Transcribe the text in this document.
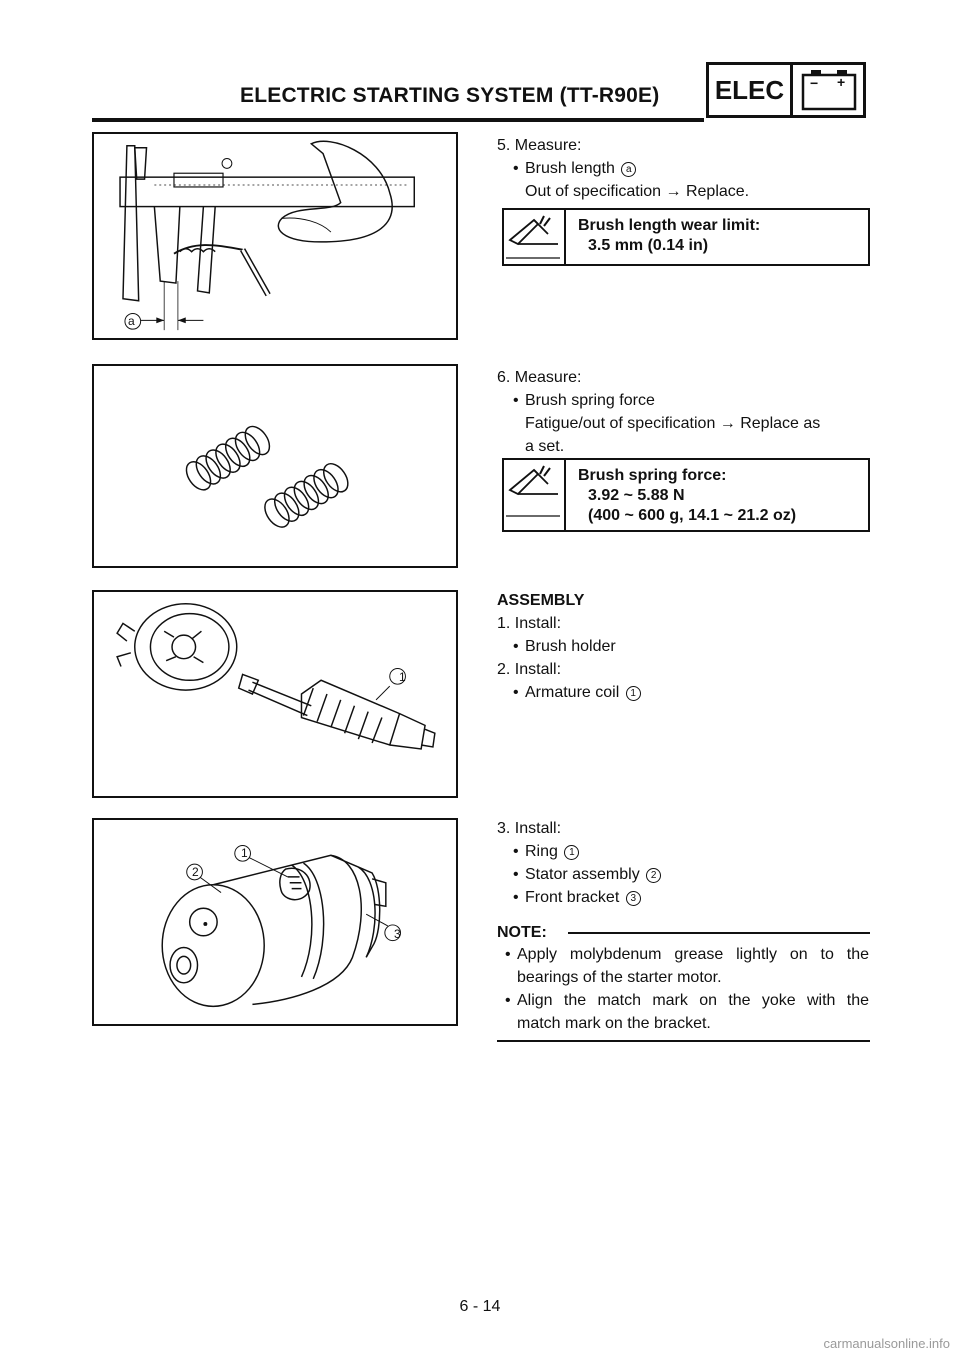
ELECTRIC STARTING SYSTEM (TT-R90E) ELEC	− +
a
5. Measure:
• Brush length a
Out of specification → Replace.
Brush length wear limit:
3.5 mm (0.14 in)
6. Measure:
• Brush spring force
Fatigue/out of specification → Replace as
a set.
Brush spring force:
3.92 ~ 5.88 N
(400 ~ 600 g, 14.1 ~ 21.2 oz)
1
ASSEMBLY
1. Install:
• Brush holder
2. Install:
• Armature coil 1
1
2
3
3. Install:
• Ring 1
• Stator assembly 2
• Front bracket 3
NOTE:
• Apply molybdenum grease lightly on to the
bearings of the starter motor.
• Align the match mark on the yoke with the
match mark on the bracket.
6 - 14
carmanualsonline.info
